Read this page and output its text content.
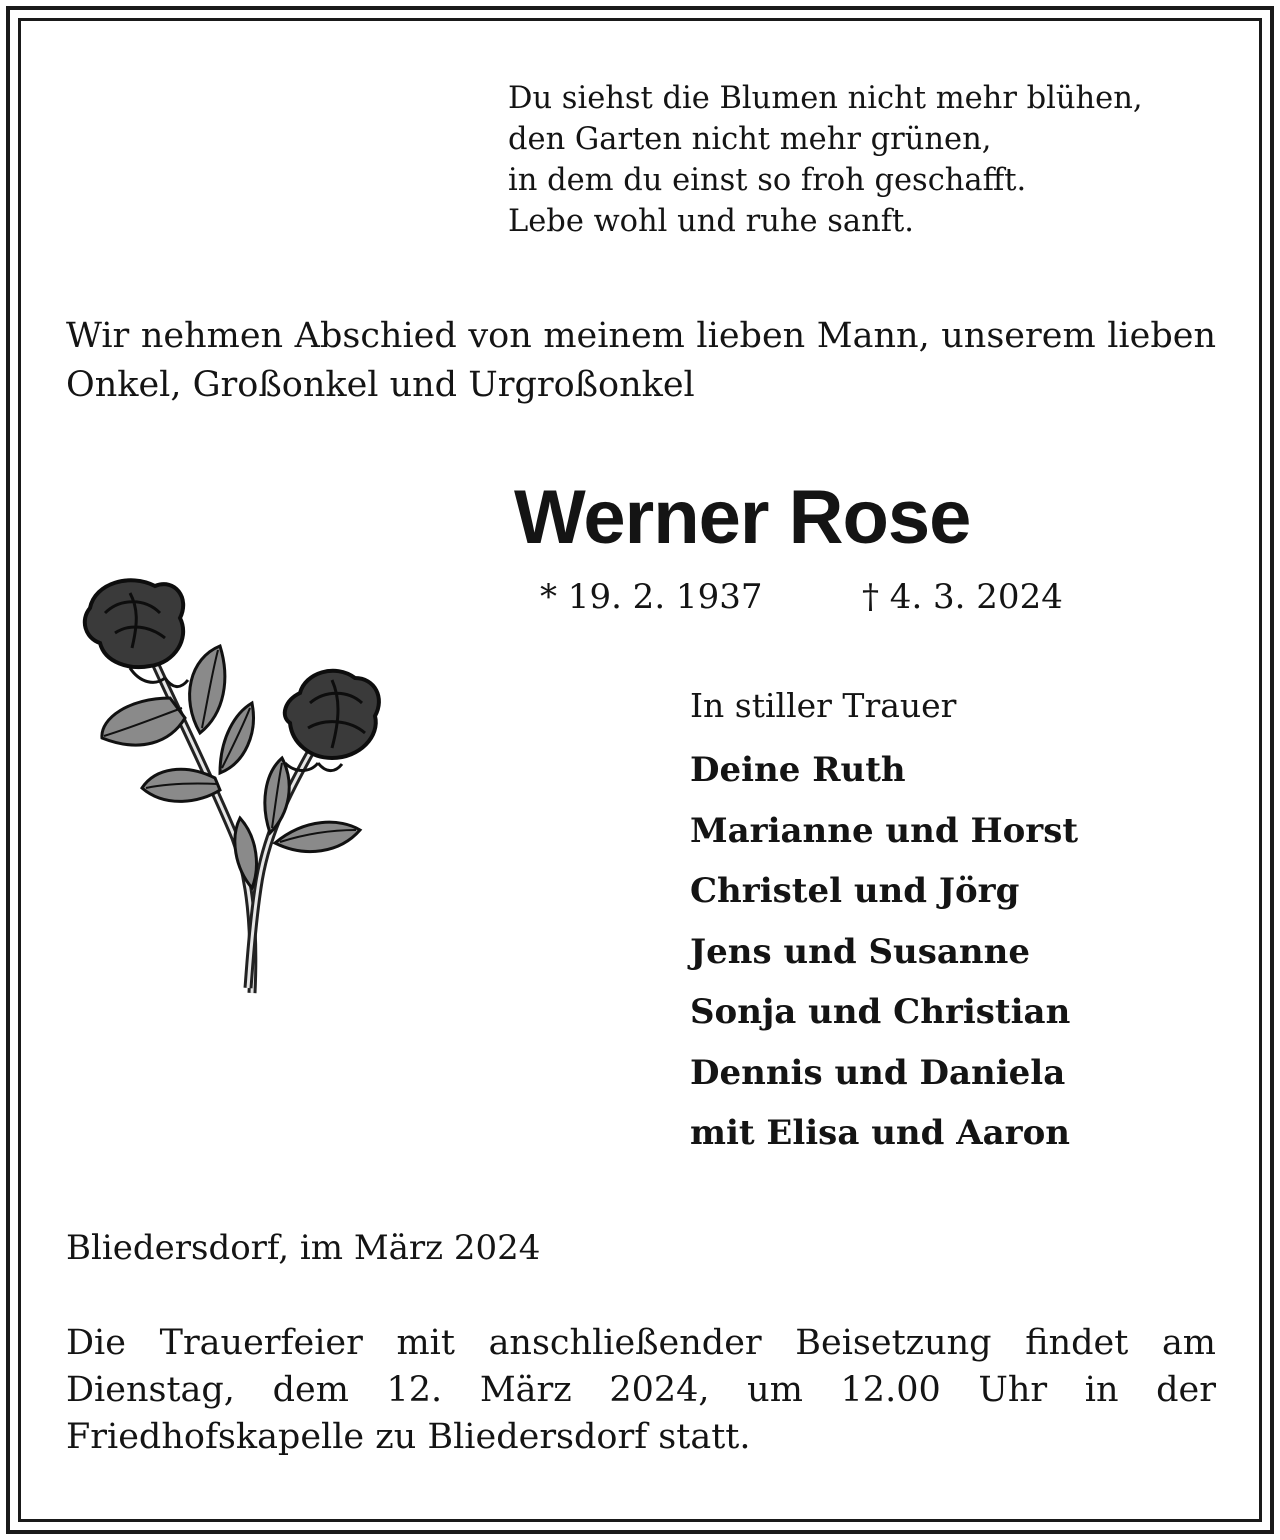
Du siehst die Blumen nicht mehr blühen,
den Garten nicht mehr grünen,
in dem du einst so froh geschafft.
Lebe wohl und ruhe sanft.
Wir nehmen Abschied von meinem lieben Mann, unserem lieben Onkel, Großonkel und Urgroßonkel
Werner Rose
* 19. 2. 1937	† 4. 3. 2024
In stiller Trauer
Deine Ruth
Marianne und Horst
Christel und Jörg
Jens und Susanne
Sonja und Christian
Dennis und Daniela
mit Elisa und Aaron
Bliedersdorf, im März 2024
Die Trauerfeier mit anschließender Beisetzung findet am Dienstag, dem 12. März 2024, um 12.00 Uhr in der Friedhofskapelle zu Bliedersdorf statt.
